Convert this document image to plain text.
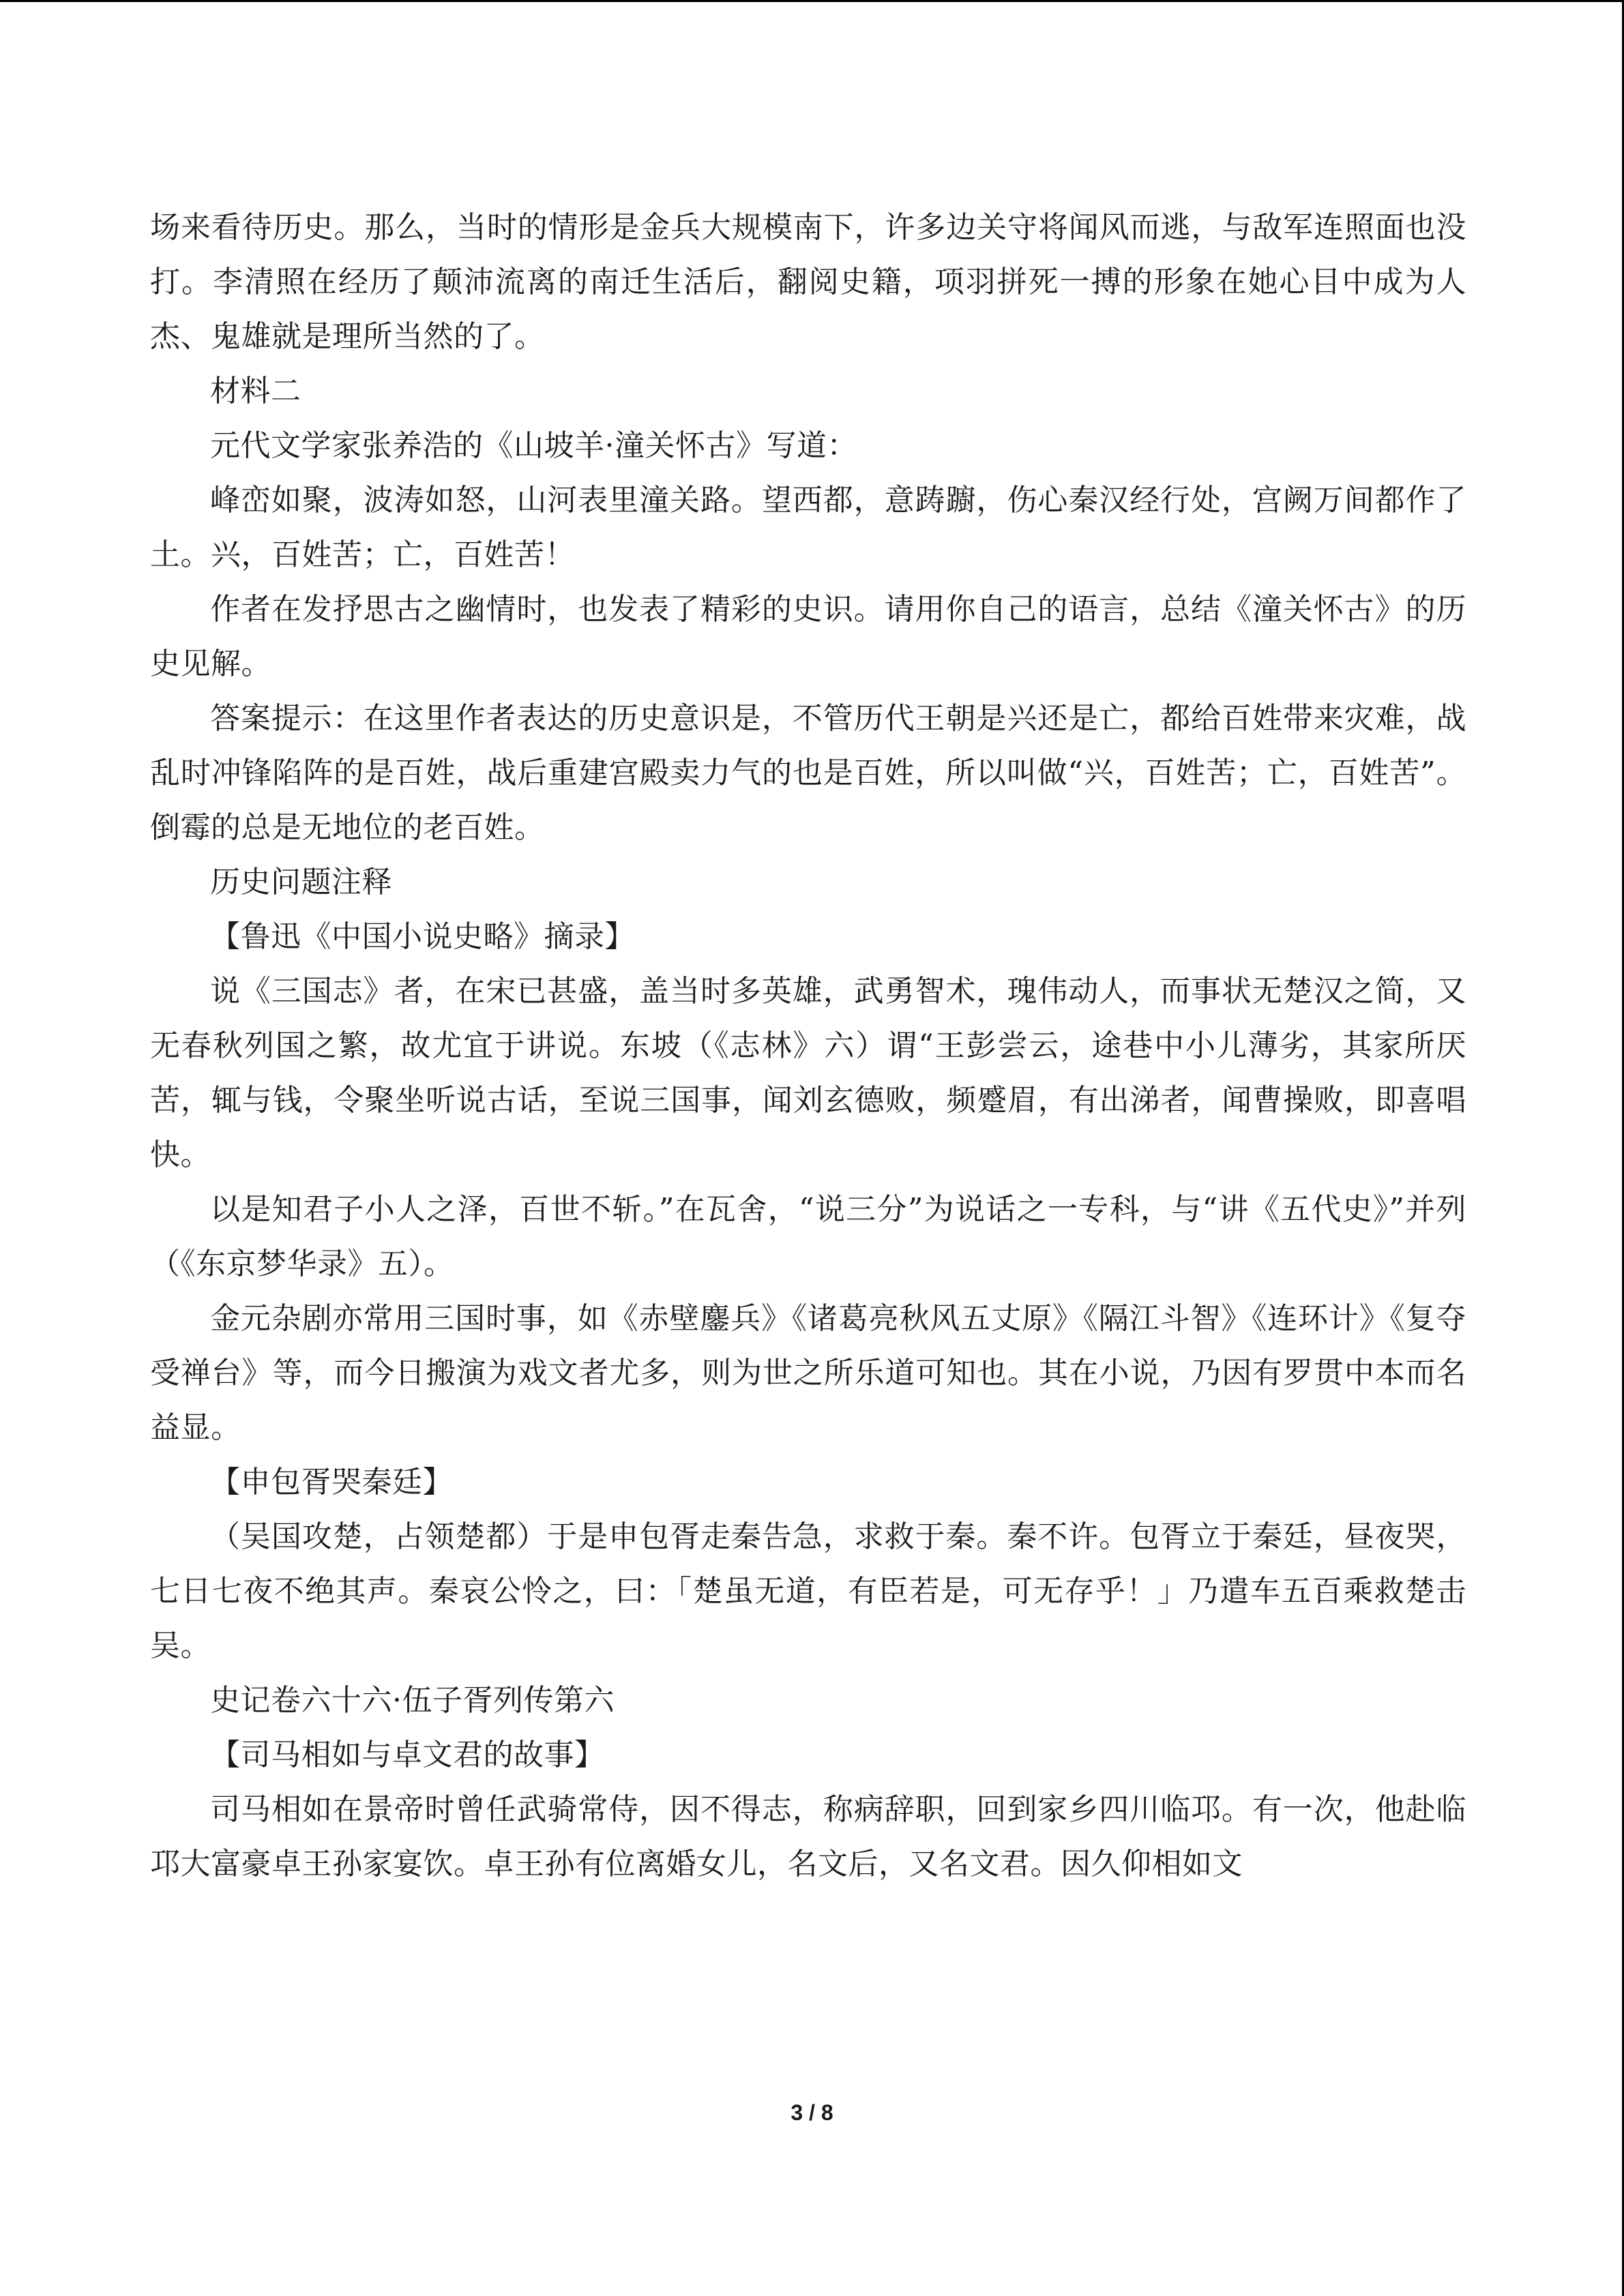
场来看待历史。那么，当时的情形是金兵大规模南下，许多边关守将闻风而逃，与敌军连照面也没打。李清照在经历了颠沛流离的南迁生活后，翻阅史籍，项羽拼死一搏的形象在她心目中成为人杰、鬼雄就是理所当然的了。

材料二

元代文学家张养浩的《山坡羊·潼关怀古》写道：

峰峦如聚，波涛如怒，山河表里潼关路。望西都，意踌躕，伤心秦汉经行处，宫阙万间都作了土。兴，百姓苦；亡，百姓苦！

作者在发抒思古之幽情时，也发表了精彩的史识。请用你自己的语言，总结《潼关怀古》的历史见解。

答案提示：在这里作者表达的历史意识是，不管历代王朝是兴还是亡，都给百姓带来灾难，战乱时冲锋陷阵的是百姓，战后重建宫殿卖力气的也是百姓，所以叫做“兴，百姓苦；亡，百姓苦”。倒霉的总是无地位的老百姓。

历史问题注释

【鲁迅《中国小说史略》摘录】

说《三国志》者，在宋已甚盛，盖当时多英雄，武勇智术，瑰伟动人，而事状无楚汉之简，又无春秋列国之繁，故尤宜于讲说。东坡（《志林》六）谓“王彭尝云，途巷中小儿薄劣，其家所厌苦，辄与钱，令聚坐听说古话，至说三国事，闻刘玄德败，频蹙眉，有出涕者，闻曹操败，即喜唱快。

以是知君子小人之泽，百世不斩。”在瓦舍，“说三分”为说话之一专科，与“讲《五代史》”并列（《东京梦华录》五）。

金元杂剧亦常用三国时事，如《赤壁鏖兵》《诸葛亮秋风五丈原》《隔江斗智》《连环计》《复夺受禅台》等，而今日搬演为戏文者尤多，则为世之所乐道可知也。其在小说，乃因有罗贯中本而名益显。

【申包胥哭秦廷】

（吴国攻楚，占领楚都）于是申包胥走秦告急，求救于秦。秦不许。包胥立于秦廷，昼夜哭，七日七夜不绝其声。秦哀公怜之，曰：「楚虽无道，有臣若是，可无存乎！」乃遣车五百乘救楚击吴。

史记卷六十六·伍子胥列传第六

【司马相如与卓文君的故事】

司马相如在景帝时曾任武骑常侍，因不得志，称病辞职，回到家乡四川临邛。有一次，他赴临邛大富豪卓王孙家宴饮。卓王孙有位离婚女儿，名文后，又名文君。因久仰相如文

3 / 8
